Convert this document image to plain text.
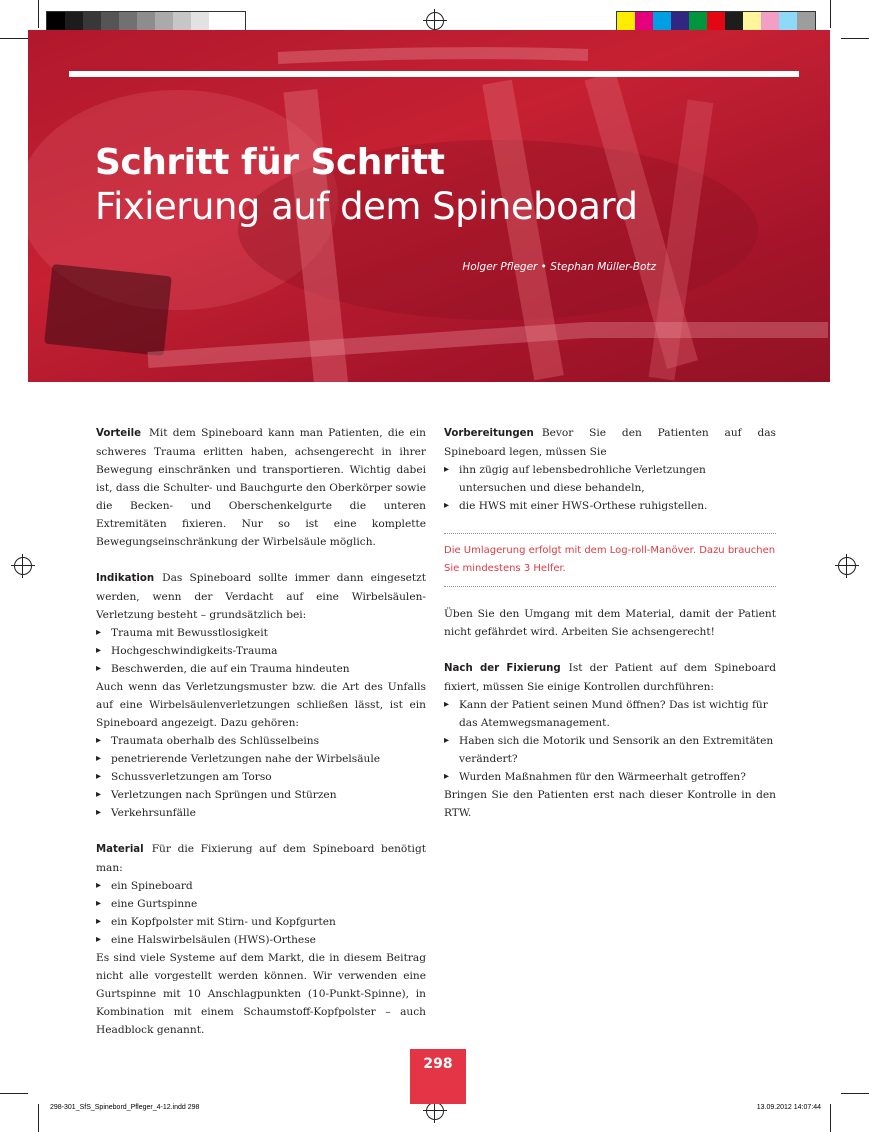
Schritt für Schritt
Fixierung auf dem Spineboard
Holger Pfleger • Stephan Müller-Botz

Vorteile Mit dem Spineboard kann man Patienten, die ein schweres Trauma erlitten haben, achsengerecht in ihrer Bewegung einschränken und transportieren. Wichtig dabei ist, dass die Schulter- und Bauchgurte den Oberkörper sowie die Becken- und Oberschenkelgurte die unteren Extremitäten fixieren. Nur so ist eine komplette Bewegungseinschränkung der Wirbelsäule möglich.

Indikation Das Spineboard sollte immer dann eingesetzt werden, wenn der Verdacht auf eine Wirbelsäulen-Verletzung besteht – grundsätzlich bei:

▸ Trauma mit Bewusstlosigkeit
▸ Hochgeschwindigkeits-Trauma
▸ Beschwerden, die auf ein Trauma hindeuten

Auch wenn das Verletzungsmuster bzw. die Art des Unfalls auf eine Wirbelsäulenverletzungen schließen lässt, ist ein Spineboard angezeigt. Dazu gehören:

▸ Traumata oberhalb des Schlüsselbeins
▸ penetrierende Verletzungen nahe der Wirbelsäule
▸ Schussverletzungen am Torso
▸ Verletzungen nach Sprüngen und Stürzen
▸ Verkehrsunfälle

Material Für die Fixierung auf dem Spineboard benötigt man:

▸ ein Spineboard
▸ eine Gurtspinne
▸ ein Kopfpolster mit Stirn- und Kopfgurten
▸ eine Halswirbelsäulen (HWS)-Orthese

Es sind viele Systeme auf dem Markt, die in diesem Beitrag nicht alle vorgestellt werden können. Wir verwenden eine Gurtspinne mit 10 Anschlagpunkten (10-Punkt-Spinne), in Kombination mit einem Schaumstoff-Kopfpolster – auch Headblock genannt.

Vorbereitungen Bevor Sie den Patienten auf das Spineboard legen, müssen Sie

▸ ihn zügig auf lebensbedrohliche Verletzungen untersuchen und diese behandeln,
▸ die HWS mit einer HWS-Orthese ruhigstellen.
Die Umlagerung erfolgt mit dem Log-roll-Manöver. Dazu brauchen Sie mindestens 3 Helfer.

Üben Sie den Umgang mit dem Material, damit der Patient nicht gefährdet wird. Arbeiten Sie achsengerecht!

Nach der Fixierung Ist der Patient auf dem Spineboard fixiert, müssen Sie einige Kontrollen durchführen:

▸ Kann der Patient seinen Mund öffnen? Das ist wichtig für das Atemwegsmanagement.
▸ Haben sich die Motorik und Sensorik an den Extremitäten verändert?
▸ Wurden Maßnahmen für den Wärmeerhalt getroffen?

Bringen Sie den Patienten erst nach dieser Kontrolle in den RTW.

298
298-301_SfS_Spinebord_Pfleger_4-12.indd 298	13.09.2012 14:07:44
